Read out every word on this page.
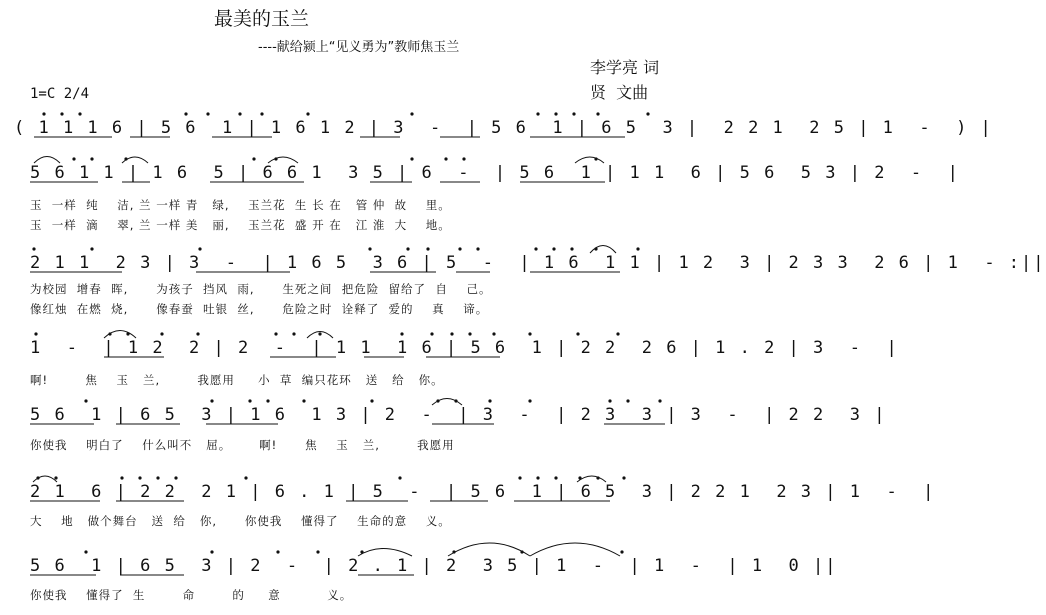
最美的玉兰
----献给颍上“见义勇为”教师焦玉兰
李学亮 词
贤  文曲
1=C 2/4
( 1 1 1 6 | 5 6  1 | 1 6 1 2 | 3  -  | 5 6  1 | 6 5  3 |  2 2 1  2 5 | 1  -  ) |
5 6 1 1 | 1 6  5 | 6 6 1  3 5 | 6  -  | 5 6  1 | 1 1  6 | 5 6  5 3 | 2  -  |
玉  一样  纯    洁, 兰 一样 青   绿,    玉兰花  生 长 在   管 仲  故    里。
玉  一样  滴    翠, 兰 一样 美   丽,    玉兰花  盛 开 在   江 淮  大    地。
2 1 1  2 3 | 3  -  | 1 6 5  3 6 | 5  -  | 1 6  1 1 | 1 2  3 | 2 3 3  2 6 | 1  - :||
为校园  增春  晖,      为孩子  挡风  雨,      生死之间  把危险  留给了  自    己。
像红烛  在燃  烧,      像春蚕  吐银  丝,      危险之时  诠释了  爱的    真    谛。
1  -  | 1 2  2 | 2  -  | 1 1  1 6 | 5 6  1 | 2 2  2 6 | 1 . 2 | 3  -  |
啊!        焦    玉   兰,        我愿用     小  草  编只花环   送   给   你。
5 6  1 | 6 5  3 | 1 6  1 3 | 2  -  | 3  -  | 2 3  3 | 3  -  | 2 2  3 |
你使我    明白了    什么叫不   屈。      啊!      焦    玉   兰,        我愿用
2 1  6 | 2 2  2 1 | 6 . 1 | 5  -  | 5 6  1 | 6 5  3 | 2 2 1  2 3 | 1  -  |
大    地   做个舞台   送  给   你,      你使我    懂得了    生命的意    义。
5 6  1 | 6 5  3 | 2  -  | 2 . 1 | 2  3 5 | 1  -  | 1  -  | 1  0 ||
你使我    懂得了  生        命        的     意          义。
